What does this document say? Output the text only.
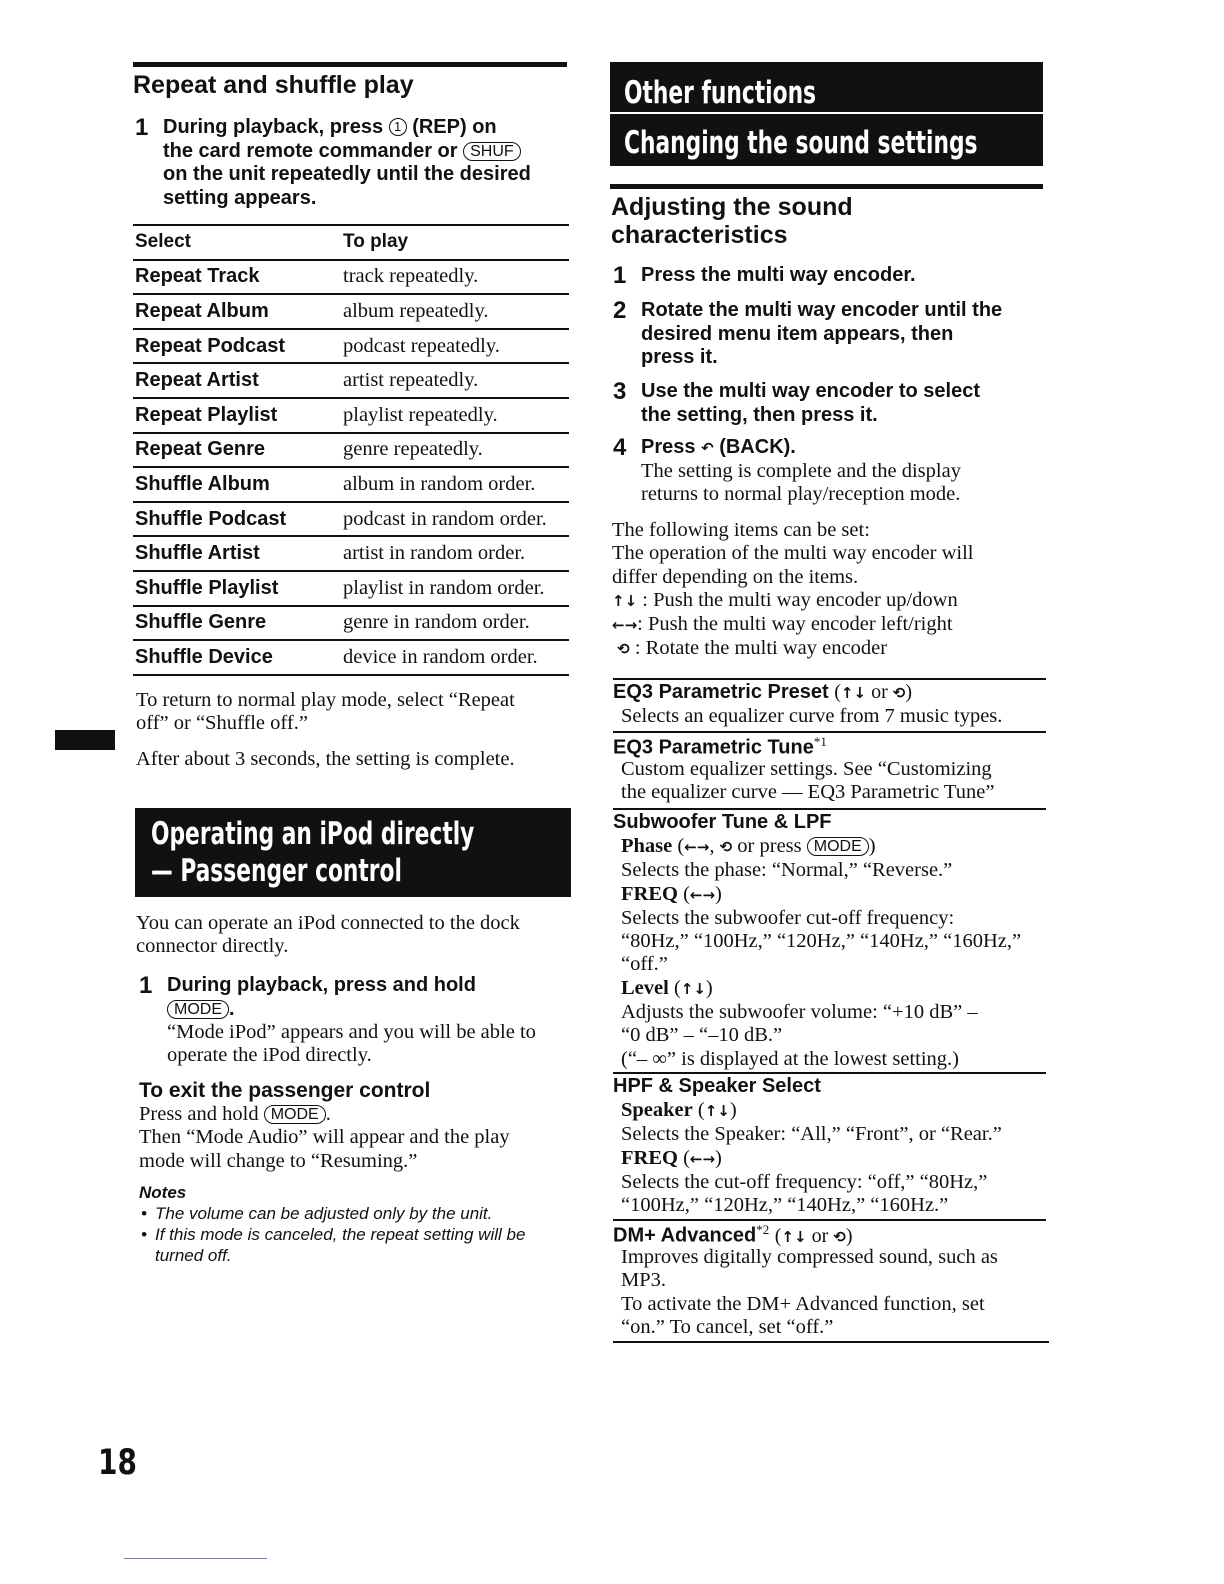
Repeat and shuffle play
1 During playback, press 1 (REP) on
the card remote commander or SHUF
on the unit repeatedly until the desired
setting appears.
Select	To play
Repeat Track	track repeatedly.
Repeat Album	album repeatedly.
Repeat Podcast	podcast repeatedly.
Repeat Artist	artist repeatedly.
Repeat Playlist	playlist repeatedly.
Repeat Genre	genre repeatedly.
Shuffle Album	album in random order.
Shuffle Podcast	podcast in random order.
Shuffle Artist	artist in random order.
Shuffle Playlist	playlist in random order.
Shuffle Genre	genre in random order.
Shuffle Device	device in random order.
To return to normal play mode, select “Repeat
off” or “Shuffle off.”
After about 3 seconds, the setting is complete.
Operating an iPod directly
— Passenger control
You can operate an iPod connected to the dock
connector directly.
1 During playback, press and hold
MODE .
“Mode iPod” appears and you will be able to
operate the iPod directly.
To exit the passenger control
Press and hold MODE .
Then “Mode Audio” will appear and the play
mode will change to “Resuming.”
Notes
• The volume can be adjusted only by the unit.
• If this mode is canceled, the repeat setting will be
turned off.
Other functions
Changing the sound settings
Adjusting the sound
characteristics
1 Press the multi way encoder.
2 Rotate the multi way encoder until the
desired menu item appears, then
press it.
3 Use the multi way encoder to select
the setting, then press it.
4 Press ↶ (BACK).
The setting is complete and the display
returns to normal play/reception mode.
The following items can be set:
The operation of the multi way encoder will
differ depending on the items.
↑↓ : Push the multi way encoder up/down
←→: Push the multi way encoder left/right
⟲ : Rotate the multi way encoder
EQ3 Parametric Preset (↑↓ or ⟲)
Selects an equalizer curve from 7 music types.
EQ3 Parametric Tune$^{*1}$
Custom equalizer settings. See “Customizing
the equalizer curve — EQ3 Parametric Tune”
Subwoofer Tune & LPF
Phase (←→, ⟲ or press MODE )
Selects the phase: “Normal,” “Reverse.”
FREQ (←→)
Selects the subwoofer cut-off frequency:
“80Hz,” “100Hz,” “120Hz,” “140Hz,” “160Hz,”
“off.”
Level (↑↓)
Adjusts the subwoofer volume: “+10 dB” –
“0 dB” – “–10 dB.”
(“– ∞” is displayed at the lowest setting.)
HPF & Speaker Select
Speaker (↑↓)
Selects the Speaker: “All,” “Front”, or “Rear.”
FREQ (←→)
Selects the cut-off frequency: “off,” “80Hz,”
“100Hz,” “120Hz,” “140Hz,” “160Hz.”
DM+ Advanced$^{*2}$ (↑↓ or ⟲)
Improves digitally compressed sound, such as
MP3.
To activate the DM+ Advanced function, set
“on.” To cancel, set “off.”
18
